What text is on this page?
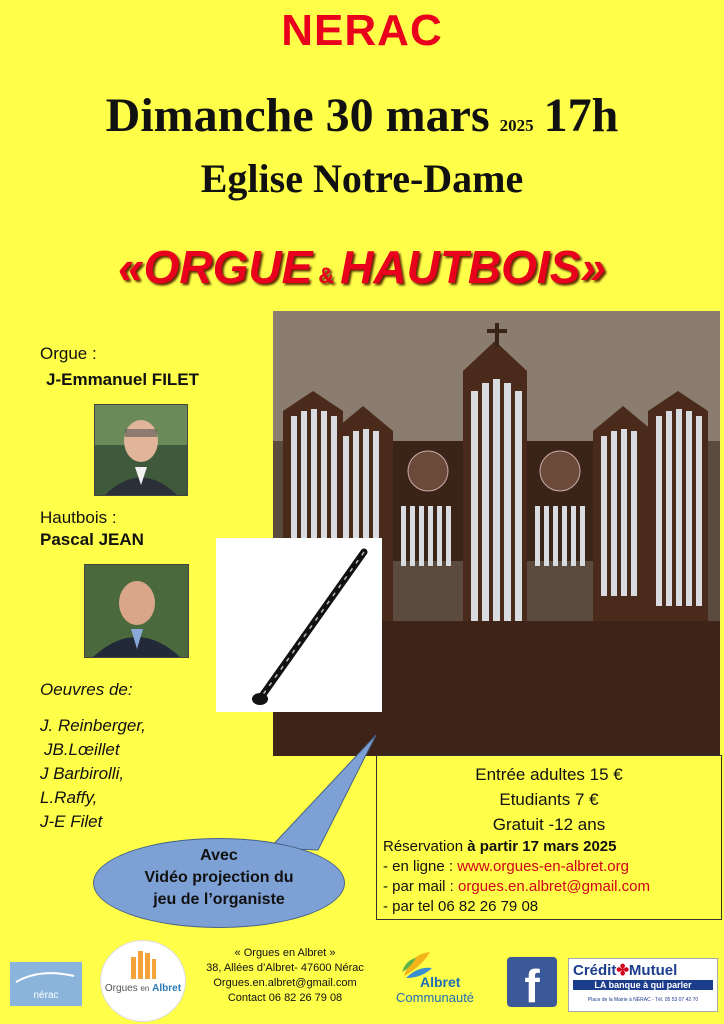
NERAC
Dimanche 30 mars 2025 17h
Eglise Notre-Dame
«ORGUE & HAUTBOIS»
Orgue :
J-Emmanuel FILET
Hautbois :
Pascal JEAN
Oeuvres de:
J. Reinberger,
JB.Lœillet
J Barbirolli,
L.Raffy,
J-E Filet
Avec
Vidéo projection du
jeu de l’organiste
Entrée adultes 15 €
Etudiants 7 €
Gratuit -12 ans
Réservation à partir 17 mars 2025
- en ligne : www.orgues-en-albret.org
- par mail : orgues.en.albret@gmail.com
- par tel 06 82 26 79 08
nérac
Orgues en Albret
« Orgues en Albret »
38, Allées d’Albret- 47600 Nérac
Orgues.en.albret@gmail.com
Contact 06 82 26 79 08
Albret
Communauté	f	Crédit✤Mutuel
LA banque à qui parler
Place de la Mairie à NÉRAC - Tél. 05 53 07 42 70
